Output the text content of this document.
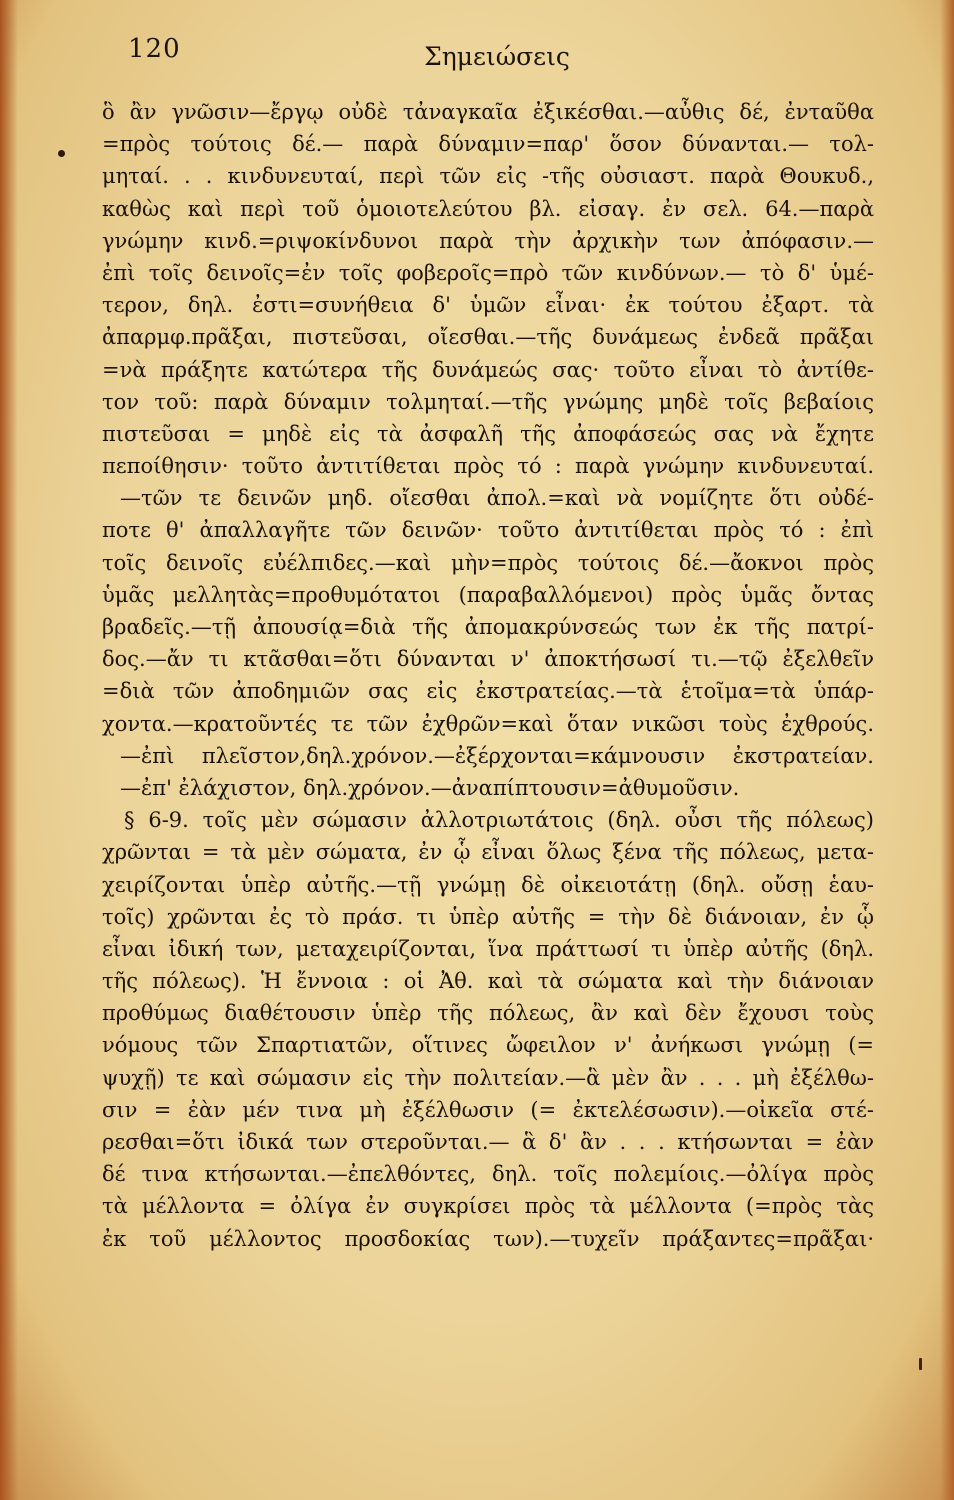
120	Σημειώσεις
ὃ ἂν γνῶσιν—ἔργῳ οὐδὲ τἀναγκαῖα ἐξικέσθαι.—αὖθις δέ, ἐνταῦθα
=πρὸς τούτοις δέ.— παρὰ δύναμιν=παρ' ὅσον δύνανται.— τολ-
μηταί. . . κινδυνευταί, περὶ τῶν εἰς -τῆς οὐσιαστ. παρὰ Θουκυδ.,
καθὼς καὶ περὶ τοῦ ὁμοιοτελεύτου βλ. εἰσαγ. ἐν σελ. 64.—παρὰ
γνώμην κινδ.=ριψοκίνδυνοι παρὰ τὴν ἀρχικὴν των ἀπόφασιν.—
ἐπὶ τοῖς δεινοῖς=ἐν τοῖς φοβεροῖς=πρὸ τῶν κινδύνων.— τὸ δ' ὑμέ-
τερον, δηλ. ἐστι=συνήθεια δ' ὑμῶν εἶναι· ἐκ τούτου ἐξαρτ. τὰ
ἀπαρμφ.πρᾶξαι, πιστεῦσαι, οἴεσθαι.—τῆς δυνάμεως ἐνδεᾶ πρᾶξαι
=νὰ πράξητε κατώτερα τῆς δυνάμεώς σας· τοῦτο εἶναι τὸ ἀντίθε-
τον τοῦ: παρὰ δύναμιν τολμηταί.—τῆς γνώμης μηδὲ τοῖς βεβαίοις
πιστεῦσαι = μηδὲ εἰς τὰ ἀσφαλῆ τῆς ἀποφάσεώς σας νὰ ἔχητε
πεποίθησιν· τοῦτο ἀντιτίθεται πρὸς τό : παρὰ γνώμην κινδυνευταί.
—τῶν τε δεινῶν μηδ. οἴεσθαι ἀπολ.=καὶ νὰ νομίζητε ὅτι οὐδέ-
ποτε θ' ἀπαλλαγῆτε τῶν δεινῶν· τοῦτο ἀντιτίθεται πρὸς τό : ἐπὶ
τοῖς δεινοῖς εὐέλπιδες.—καὶ μὴν=πρὸς τούτοις δέ.—ἄοκνοι πρὸς
ὑμᾶς μελλητὰς=προθυμότατοι (παραβαλλόμενοι) πρὸς ὑμᾶς ὄντας
βραδεῖς.—τῇ ἀπουσίᾳ=διὰ τῆς ἀπομακρύνσεώς των ἐκ τῆς πατρί-
δος.—ἄν τι κτᾶσθαι=ὅτι δύνανται ν' ἀποκτήσωσί τι.—τῷ ἐξελθεῖν
=διὰ τῶν ἀποδημιῶν σας εἰς ἐκστρατείας.—τὰ ἑτοῖμα=τὰ ὑπάρ-
χοντα.—κρατοῦντές τε τῶν ἐχθρῶν=καὶ ὅταν νικῶσι τοὺς ἐχθρούς.
—ἐπὶ πλεῖστον,δηλ.χρόνον.—ἐξέρχονται=κάμνουσιν ἐκστρατείαν.
—ἐπ' ἐλάχιστον, δηλ.χρόνον.—ἀναπίπτουσιν=ἀθυμοῦσιν.
§ 6-9. τοῖς μὲν σώμασιν ἀλλοτριωτάτοις (δηλ. οὖσι τῆς πόλεως)
χρῶνται = τὰ μὲν σώματα, ἐν ᾧ εἶναι ὅλως ξένα τῆς πόλεως, μετα-
χειρίζονται ὑπὲρ αὐτῆς.—τῇ γνώμῃ δὲ οἰκειοτάτῃ (δηλ. οὔσῃ ἑαυ-
τοῖς) χρῶνται ἐς τὸ πράσ. τι ὑπὲρ αὐτῆς = τὴν δὲ διάνοιαν, ἐν ᾧ
εἶναι ἰδική των, μεταχειρίζονται, ἵνα πράττωσί τι ὑπὲρ αὐτῆς (δηλ.
τῆς πόλεως). Ἡ ἔννοια : οἱ Ἀθ. καὶ τὰ σώματα καὶ τὴν διάνοιαν
προθύμως διαθέτουσιν ὑπὲρ τῆς πόλεως, ἂν καὶ δὲν ἔχουσι τοὺς
νόμους τῶν Σπαρτιατῶν, οἵτινες ὤφειλον ν' ἀνήκωσι γνώμῃ (=
ψυχῇ) τε καὶ σώμασιν εἰς τὴν πολιτείαν.—ἃ μὲν ἂν . . . μὴ ἐξέλθω-
σιν = ἐὰν μέν τινα μὴ ἐξέλθωσιν (= ἐκτελέσωσιν).—οἰκεῖα στέ-
ρεσθαι=ὅτι ἰδικά των στεροῦνται.— ἃ δ' ἂν . . . κτήσωνται = ἐὰν
δέ τινα κτήσωνται.—ἐπελθόντες, δηλ. τοῖς πολεμίοις.—ὀλίγα πρὸς
τὰ μέλλοντα = ὀλίγα ἐν συγκρίσει πρὸς τὰ μέλλοντα (=πρὸς τὰς
ἐκ τοῦ μέλλοντος προσδοκίας των).—τυχεῖν πράξαντες=πρᾶξαι·
